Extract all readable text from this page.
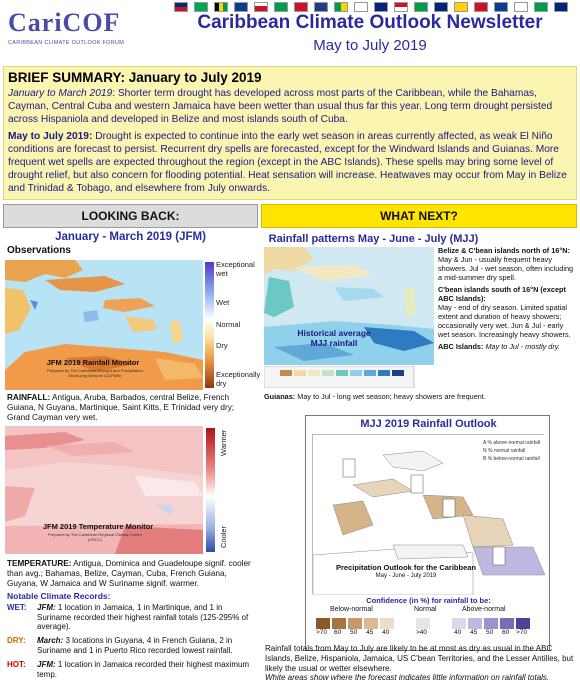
CariCOF
CARIBBEAN CLIMATE OUTLOOK FORUM
Caribbean Climate Outlook Newsletter
May to July 2019
BRIEF SUMMARY: January to July 2019

January to March 2019: Shorter term drought has developed across most parts of the Caribbean, while the Bahamas, Cayman, Central Cuba and western Jamaica have been wetter than usual thus far this year. Long term drought persisted across Hispaniola and developed in Belize and most islands south of Cuba.

May to July 2019: Drought is expected to continue into the early wet season in areas currently affected, as weak El Niño conditions are forecast to persist. Recurrent dry spells are forecasted, except for the Windward Islands and Guianas. More frequent wet spells are expected throughout the region (except in the ABC Islands). These spells may bring some level of drought relief, but also concern for flooding potential. Heat sensation will increase. Heatwaves may occur from May in Belize and Trinidad & Tobago, and elsewhere from July onwards.

LOOKING BACK:
January - March 2019 (JFM)
Observations
JFM 2019 Rainfall Monitor
Prepared by The Caribbean Drought and Precipitation Monitoring Network (CDPMN)
Exceptional wet
Wet
Normal
Dry
Exceptionally dry
RAINFALL: Antigua, Aruba, Barbados, central Belize, French Guiana, N Guyana, Martinique, Saint Kitts, E Trinidad very dry; Grand Cayman very wet.
JFM 2019 Temperature Monitor
Prepared by The Caribbean Regional Climate Centre (CRCC)
Warmer
Cooler
TEMPERATURE: Antigua, Dominica and Guadeloupe signif. cooler than avg.; Bahamas, Belize, Cayman, Cuba, French Guiana, Guyana, W Jamaica and W Suriname signif. warmer.
Notable Climate Records:
WET: JFM: 1 location in Jamaica, 1 in Martinique, and 1 in Suriname recorded their highest rainfall totals (125-295% of average).
DRY: March: 3 locations in Guyana, 4 in French Guiana, 2 in Suriname and 1 in Puerto Rico recorded lowest rainfall.
HOT: JFM: 1 location in Jamaica recorded their highest maximum temp.
WHAT NEXT?
Rainfall patterns May - June - July (MJJ)
Historical average MJJ rainfall
Belize & C'bean islands north of 16°N:
May & Jun - usually frequent heavy showers. Jul - wet season, often including a mid-summer dry spell.
C'bean islands south of 16°N (except ABC Islands):
May - end of dry season. Limited spatial extent and duration of heavy showers; occasionally very wet. Jun & Jul - early wet season. Increasingly heavy showers.
ABC Islands: May to Jul - mostly dry.
Guianas: May to Jul - long wet season; heavy showers are frequent.
MJJ 2019 Rainfall Outlook
Precipitation Outlook for the Caribbean
May - June - July 2019
A % above-normal rainfall
N % normal rainfall
B % below-normal rainfall
Confidence (in %) for rainfall to be:
Below-normal	Normal	Above-normal
>70 60 50 45 40	>40	40 45 50 60 >70
Rainfall totals from May to July are likely to be at most as dry as usual in the ABC Islands, Belize, Hispaniola, Jamaica, US C'bean Territories, and the Lesser Antilles, but likely the usual or wetter elsewhere.
White areas show where the forecast indicates little information on rainfall totals.
